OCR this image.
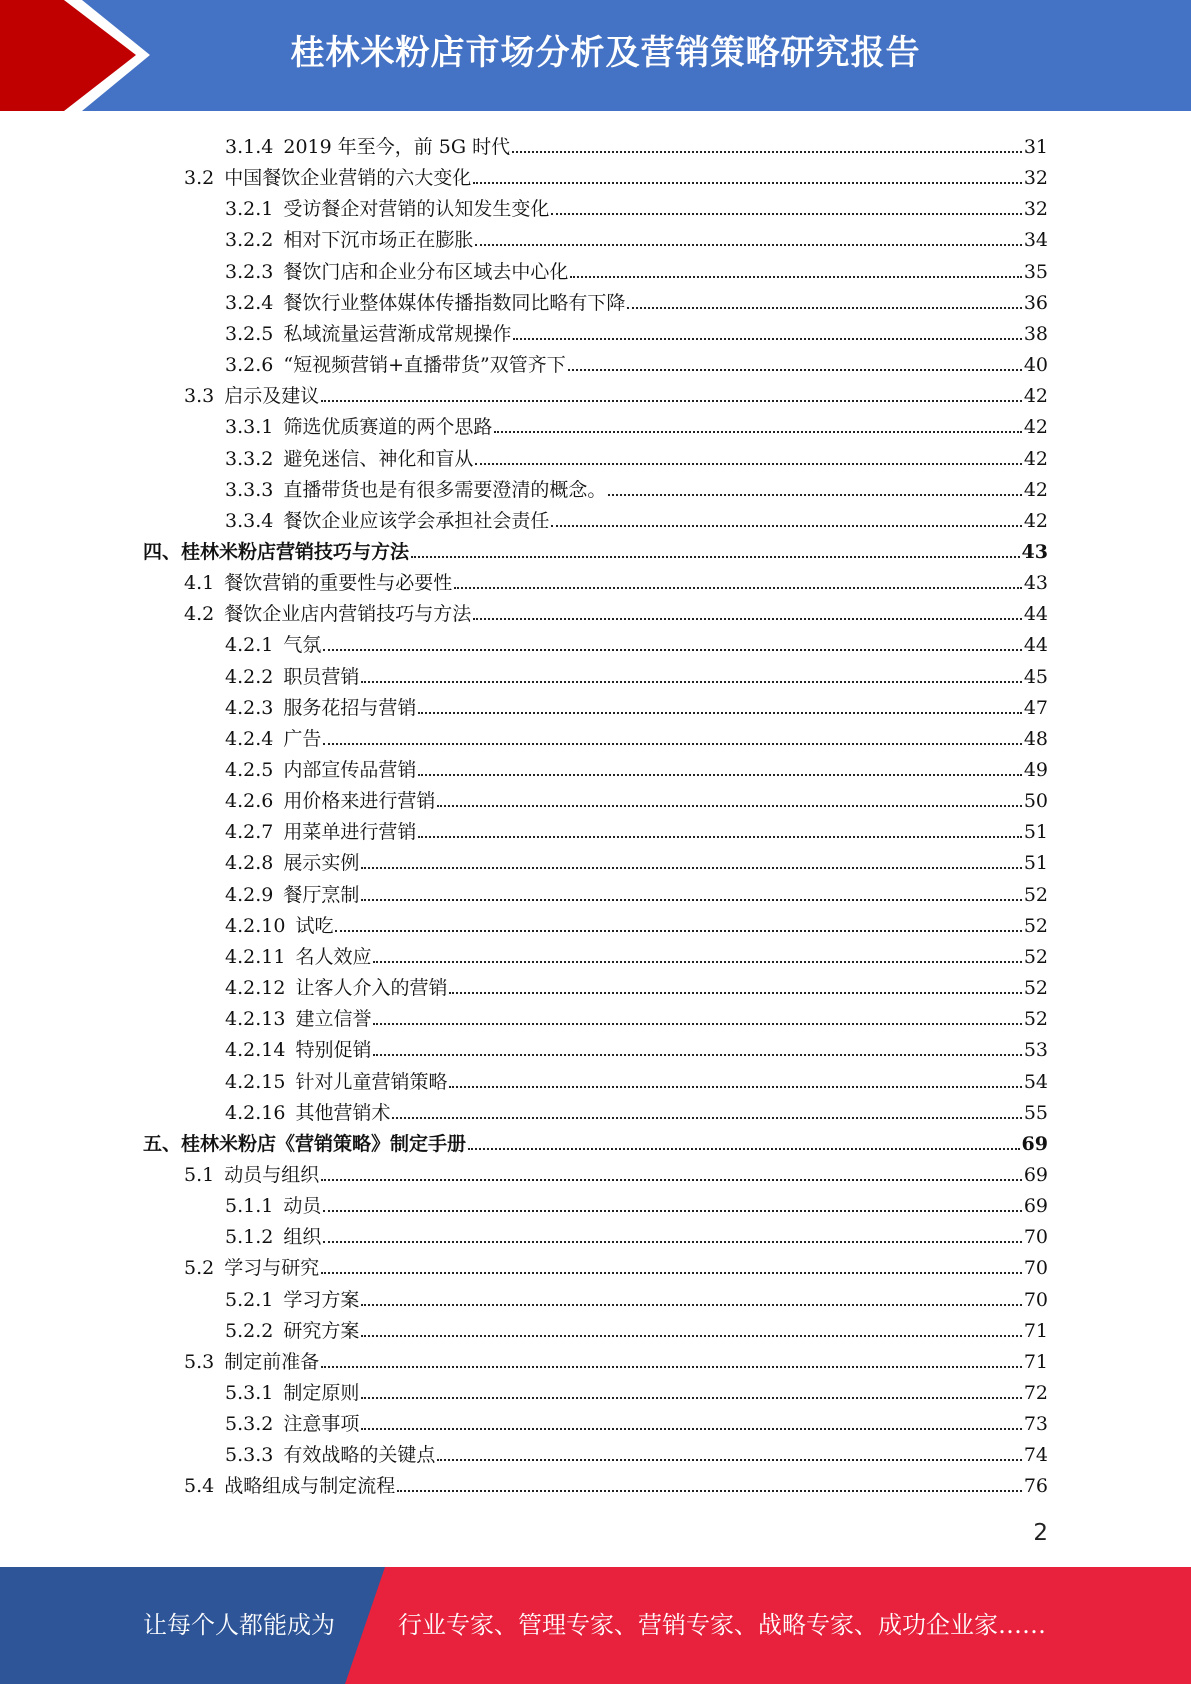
桂林米粉店市场分析及营销策略研究报告
3.1.4 2019 年至今，前 5G 时代	31
3.2 中国餐饮企业营销的六大变化	32
3.2.1 受访餐企对营销的认知发生变化	32
3.2.2 相对下沉市场正在膨胀	34
3.2.3 餐饮门店和企业分布区域去中心化	35
3.2.4 餐饮行业整体媒体传播指数同比略有下降	36
3.2.5 私域流量运营渐成常规操作	38
3.2.6 “短视频营销+直播带货”双管齐下	40
3.3 启示及建议	42
3.3.1 筛选优质赛道的两个思路	42
3.3.2 避免迷信、神化和盲从	42
3.3.3 直播带货也是有很多需要澄清的概念。	42
3.3.4 餐饮企业应该学会承担社会责任	42
四、 桂林米粉店营销技巧与方法	43
4.1 餐饮营销的重要性与必要性	43
4.2 餐饮企业店内营销技巧与方法	44
4.2.1 气氛	44
4.2.2 职员营销	45
4.2.3 服务花招与营销	47
4.2.4 广告	48
4.2.5 内部宣传品营销	49
4.2.6 用价格来进行营销	50
4.2.7 用菜单进行营销	51
4.2.8 展示实例	51
4.2.9 餐厅烹制	52
4.2.10 试吃	52
4.2.11 名人效应	52
4.2.12 让客人介入的营销	52
4.2.13 建立信誉	52
4.2.14 特别促销	53
4.2.15 针对儿童营销策略	54
4.2.16 其他营销术	55
五、 桂林米粉店《营销策略》制定手册	69
5.1 动员与组织	69
5.1.1 动员	69
5.1.2 组织	70
5.2 学习与研究	70
5.2.1 学习方案	70
5.2.2 研究方案	71
5.3 制定前准备	71
5.3.1 制定原则	72
5.3.2 注意事项	73
5.3.3 有效战略的关键点	74
5.4 战略组成与制定流程	76
2
让每个人都能成为	行业专家、管理专家、营销专家、战略专家、成功企业家……
